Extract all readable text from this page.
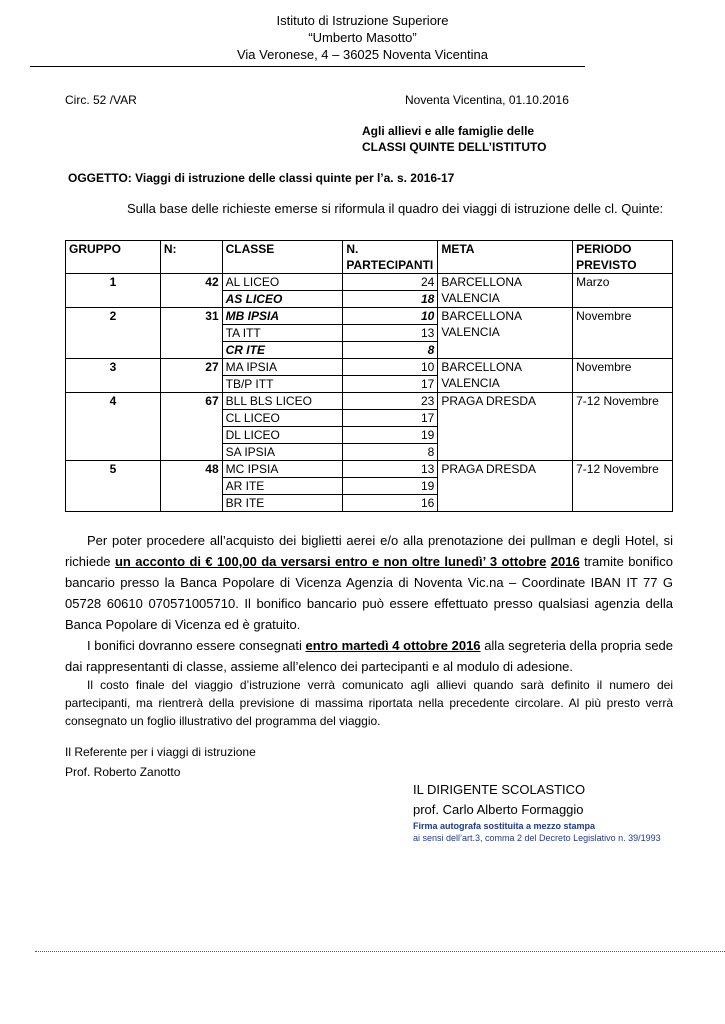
Istituto di Istruzione Superiore
“Umberto Masotto”
Via Veronese, 4 – 36025 Noventa Vicentina
Circ. 52 /VAR	Noventa Vicentina, 01.10.2016
Agli allievi e alle famiglie delle
CLASSI QUINTE DELL’ISTITUTO
OGGETTO: Viaggi di istruzione delle classi quinte per l’a. s. 2016-17
Sulla base delle richieste emerse si riformula il quadro dei viaggi di istruzione delle cl. Quinte:
GRUPPO	N:	CLASSE	N. PARTECIPANTI	META	PERIODO PREVISTO
1	42	AL LICEO	24	BARCELLONA VALENCIA	Marzo
		AS LICEO	18		
2	31	MB IPSIA	10	BARCELLONA VALENCIA	Novembre
		TA ITT	13		
		CR ITE	8		
3	27	MA IPSIA	10	BARCELLONA VALENCIA	Novembre
		TB/P ITT	17		
4	67	BLL BLS LICEO	23	PRAGA DRESDA	7-12 Novembre
		CL LICEO	17		
		DL LICEO	19		
		SA IPSIA	8		
5	48	MC IPSIA	13	PRAGA DRESDA	7-12 Novembre
		AR ITE	19		
		BR ITE	16		
Per poter procedere all’acquisto dei biglietti aerei e/o alla prenotazione dei pullman e degli Hotel, si richiede un acconto di € 100,00 da versarsi entro e non oltre lunedì’ 3 ottobre 2016 tramite bonifico bancario presso la Banca Popolare di Vicenza Agenzia di Noventa Vic.na – Coordinate IBAN IT 77 G 05728 60610 070571005710. Il bonifico bancario può essere effettuato presso qualsiasi agenzia della Banca Popolare di Vicenza ed è gratuito.
I bonifici dovranno essere consegnati entro martedì 4 ottobre 2016 alla segreteria della propria sede dai rappresentanti di classe, assieme all’elenco dei partecipanti e al modulo di adesione.
Il costo finale del viaggio d’istruzione verrà comunicato agli allievi quando sarà definito il numero dei partecipanti, ma rientrerà della previsione di massima riportata nella precedente circolare. Al più presto verrà consegnato un foglio illustrativo del programma del viaggio.
Il Referente per i viaggi di istruzione
Prof. Roberto Zanotto
IL DIRIGENTE SCOLASTICO
prof. Carlo Alberto Formaggio
Firma autografa sostituita a mezzo stampa
ai sensi dell’art.3, comma 2 del Decreto Legislativo n. 39/1993
